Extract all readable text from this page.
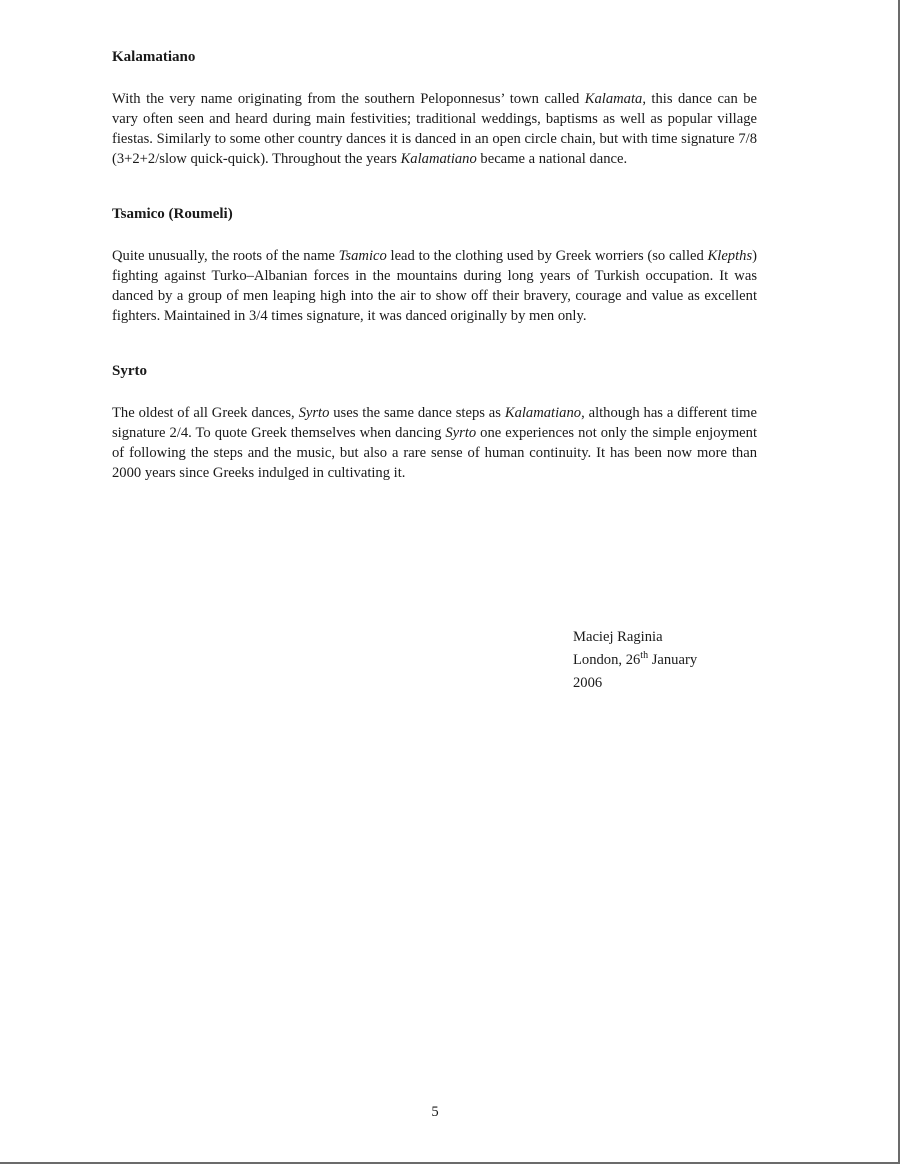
Kalamatiano

With the very name originating from the southern Peloponnesus’ town called Kalamata, this dance can be vary often seen and heard during main festivities; traditional weddings, baptisms as well as popular village fiestas. Similarly to some other country dances it is danced in an open circle chain, but with time signature 7/8 (3+2+2/slow quick-quick). Throughout the years Kalamatiano became a national dance.

Tsamico (Roumeli)

Quite unusually, the roots of the name Tsamico lead to the clothing used by Greek worriers (so called Klepths) fighting against Turko–Albanian forces in the mountains during long years of Turkish occupation. It was danced by a group of men leaping high into the air to show off their bravery, courage and value as excellent fighters. Maintained in 3/4 times signature, it was danced originally by men only.

Syrto

The oldest of all Greek dances, Syrto uses the same dance steps as Kalamatiano, although has a different time signature 2/4. To quote Greek themselves when dancing Syrto one experiences not only the simple enjoyment of following the steps and the music, but also a rare sense of human continuity. It has been now more than 2000 years since Greeks indulged in cultivating it.

Maciej Raginia
London, 26th January
2006
5
